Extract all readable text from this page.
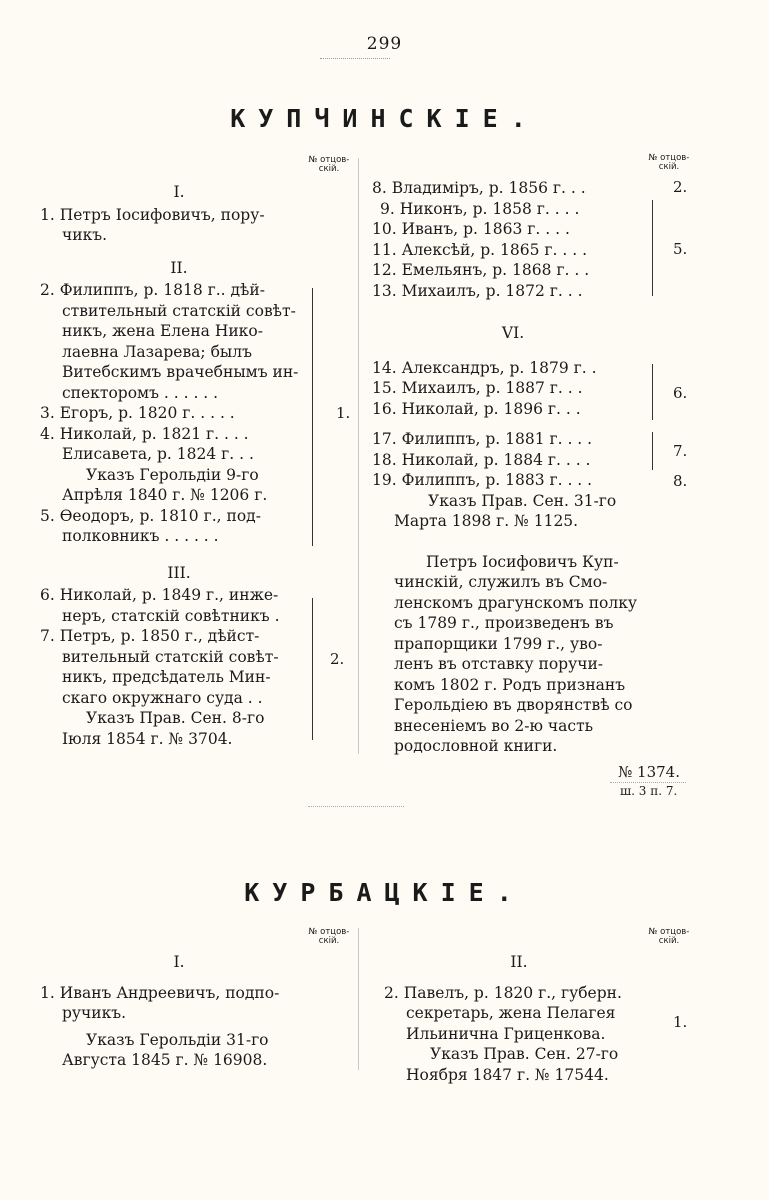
299
КУПЧИНСКІЕ.
№ отцов-скій.
№ отцов-скій.
I.
1. Петръ Іосифовичъ, пору-
чикъ.
II.
2. Филиппъ, р. 1818 г.. дѣй-
ствительный статскій совѣт-
никъ, жена Елена Нико-
лаевна Лазарева; былъ
Витебскимъ врачебнымъ ин-
спекторомъ . . . . . .
3. Егоръ, р. 1820 г. . . . .
4. Николай, р. 1821 г. . . .
Елисавета, р. 1824 г. . .
Указъ Герольдіи 9-го
Апрѣля 1840 г. № 1206 г.
5. Өеодоръ, р. 1810 г., под-
полковникъ . . . . . .
III.
6. Николай, р. 1849 г., инже-
неръ, статскій совѣтникъ .
7. Петръ, р. 1850 г., дѣйст-
вительный статскій совѣт-
никъ, предсѣдатель Мин-
скаго окружнаго суда . .
Указъ Прав. Сен. 8-го
Іюля 1854 г. № 3704.
1.
2.
8. Владиміръ, р. 1856 г. . .
9. Никонъ, р. 1858 г. . . .
10. Иванъ, р. 1863 г. . . .
11. Алексѣй, р. 1865 г. . . .
12. Емельянъ, р. 1868 г. . .
13. Михаилъ, р. 1872 г. . .
VI.
14. Александръ, р. 1879 г. .
15. Михаилъ, р. 1887 г. . .
16. Николай, р. 1896 г. . .
17. Филиппъ, р. 1881 г. . . .
18. Николай, р. 1884 г. . . .
19. Филиппъ, р. 1883 г. . . .
Указъ Прав. Сен. 31-го
Марта 1898 г. № 1125.
Петръ Іосифовичъ Куп-
чинскій, служилъ въ Смо-
ленскомъ драгунскомъ полку
съ 1789 г., произведенъ въ
прапорщики 1799 г., уво-
ленъ въ отставку поручи-
комъ 1802 г. Родъ признанъ
Герольдіею въ дворянствѣ со
внесеніемъ во 2-ю часть
родословной книги.
2.
5.
6.
7.
8.
№ 1374.
ш. 3 п. 7.
КУРБАЦКІЕ.
№ отцов-скій.
№ отцов-скій.
I.
1. Иванъ Андреевичъ, подпо-
ручикъ.
Указъ Герольдіи 31-го
Августа 1845 г. № 16908.
II.
2. Павелъ, р. 1820 г., губерн.
секретарь, жена Пелагея
Ильинична Гриценкова.
Указъ Прав. Сен. 27-го
Ноября 1847 г. № 17544.
1.
